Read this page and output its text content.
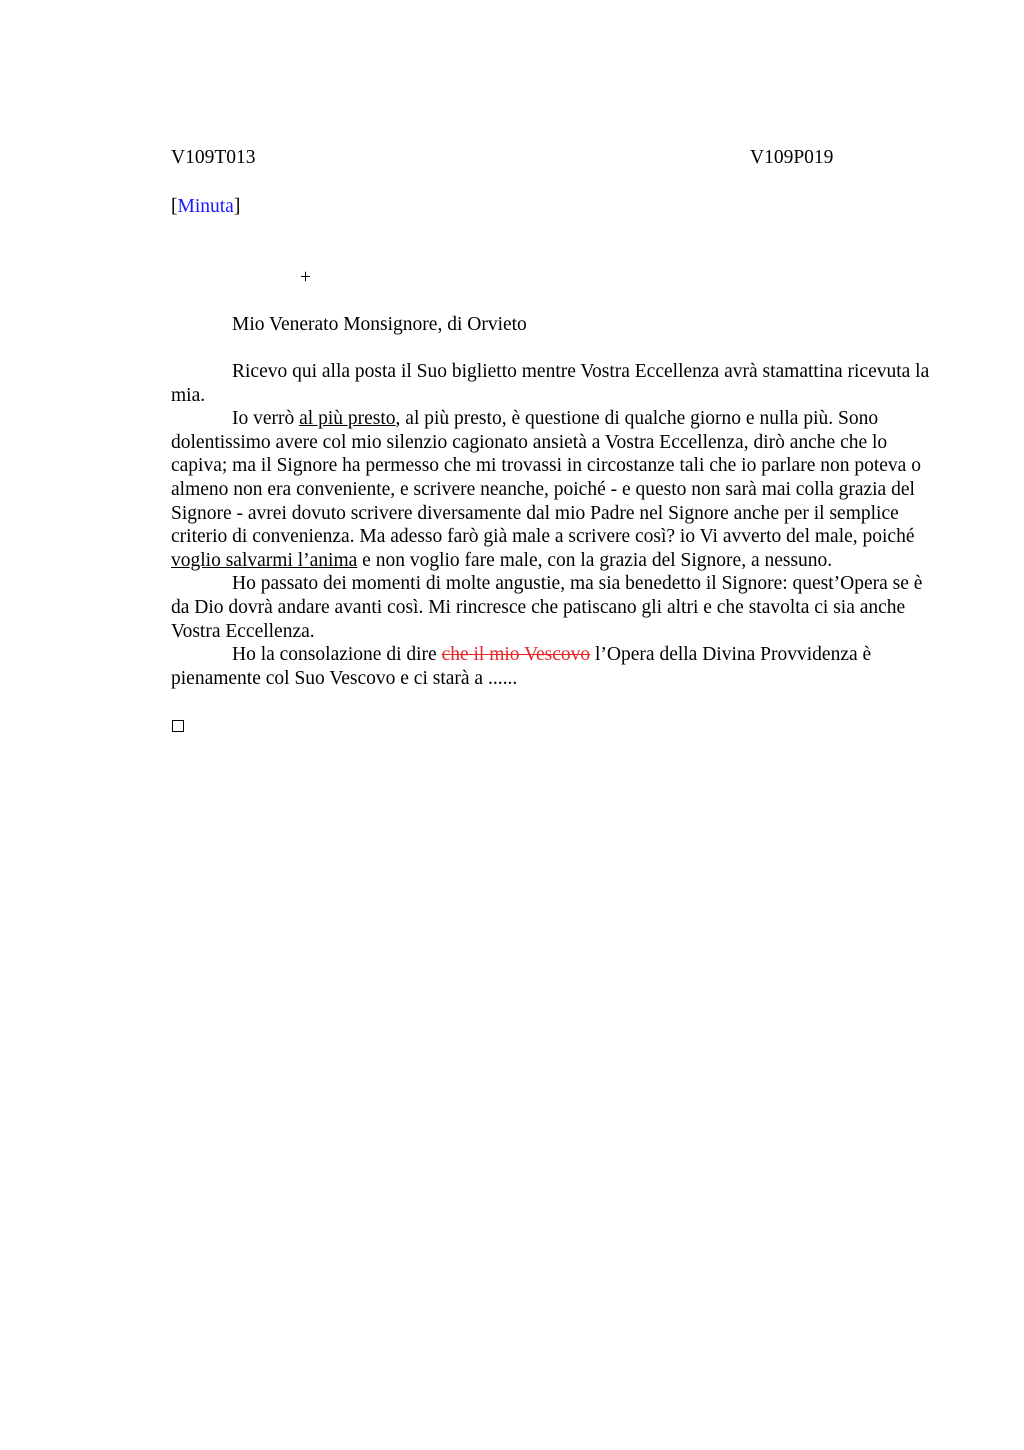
V109T013	V109P019
[Minuta]
+
Mio Venerato Monsignore, di Orvieto

Ricevo qui alla posta il Suo biglietto mentre Vostra Eccellenza avrà stamattina ricevuta la mia.

Io verrò al più presto, al più presto, è questione di qualche giorno e nulla più. Sono dolentissimo avere col mio silenzio cagionato ansietà a Vostra Eccellenza, dirò anche che lo capiva; ma il Signore ha permesso che mi trovassi in circostanze tali che io parlare non poteva o almeno non era conveniente, e scrivere neanche, poiché - e questo non sarà mai colla grazia del Signore - avrei dovuto scrivere diversamente dal mio Padre nel Signore anche per il semplice criterio di convenienza. Ma adesso farò già male a scrivere così? io Vi avverto del male, poiché voglio salvarmi l’anima e non voglio fare male, con la grazia del Signore, a nessuno.

Ho passato dei momenti di molte angustie, ma sia benedetto il Signore: quest’Opera se è da Dio dovrà andare avanti così. Mi rincresce che patiscano gli altri e che stavolta ci sia anche Vostra Eccellenza.

Ho la consolazione di dire che il mio Vescovo l’Opera della Divina Provvidenza è pienamente col Suo Vescovo e ci starà a ......
